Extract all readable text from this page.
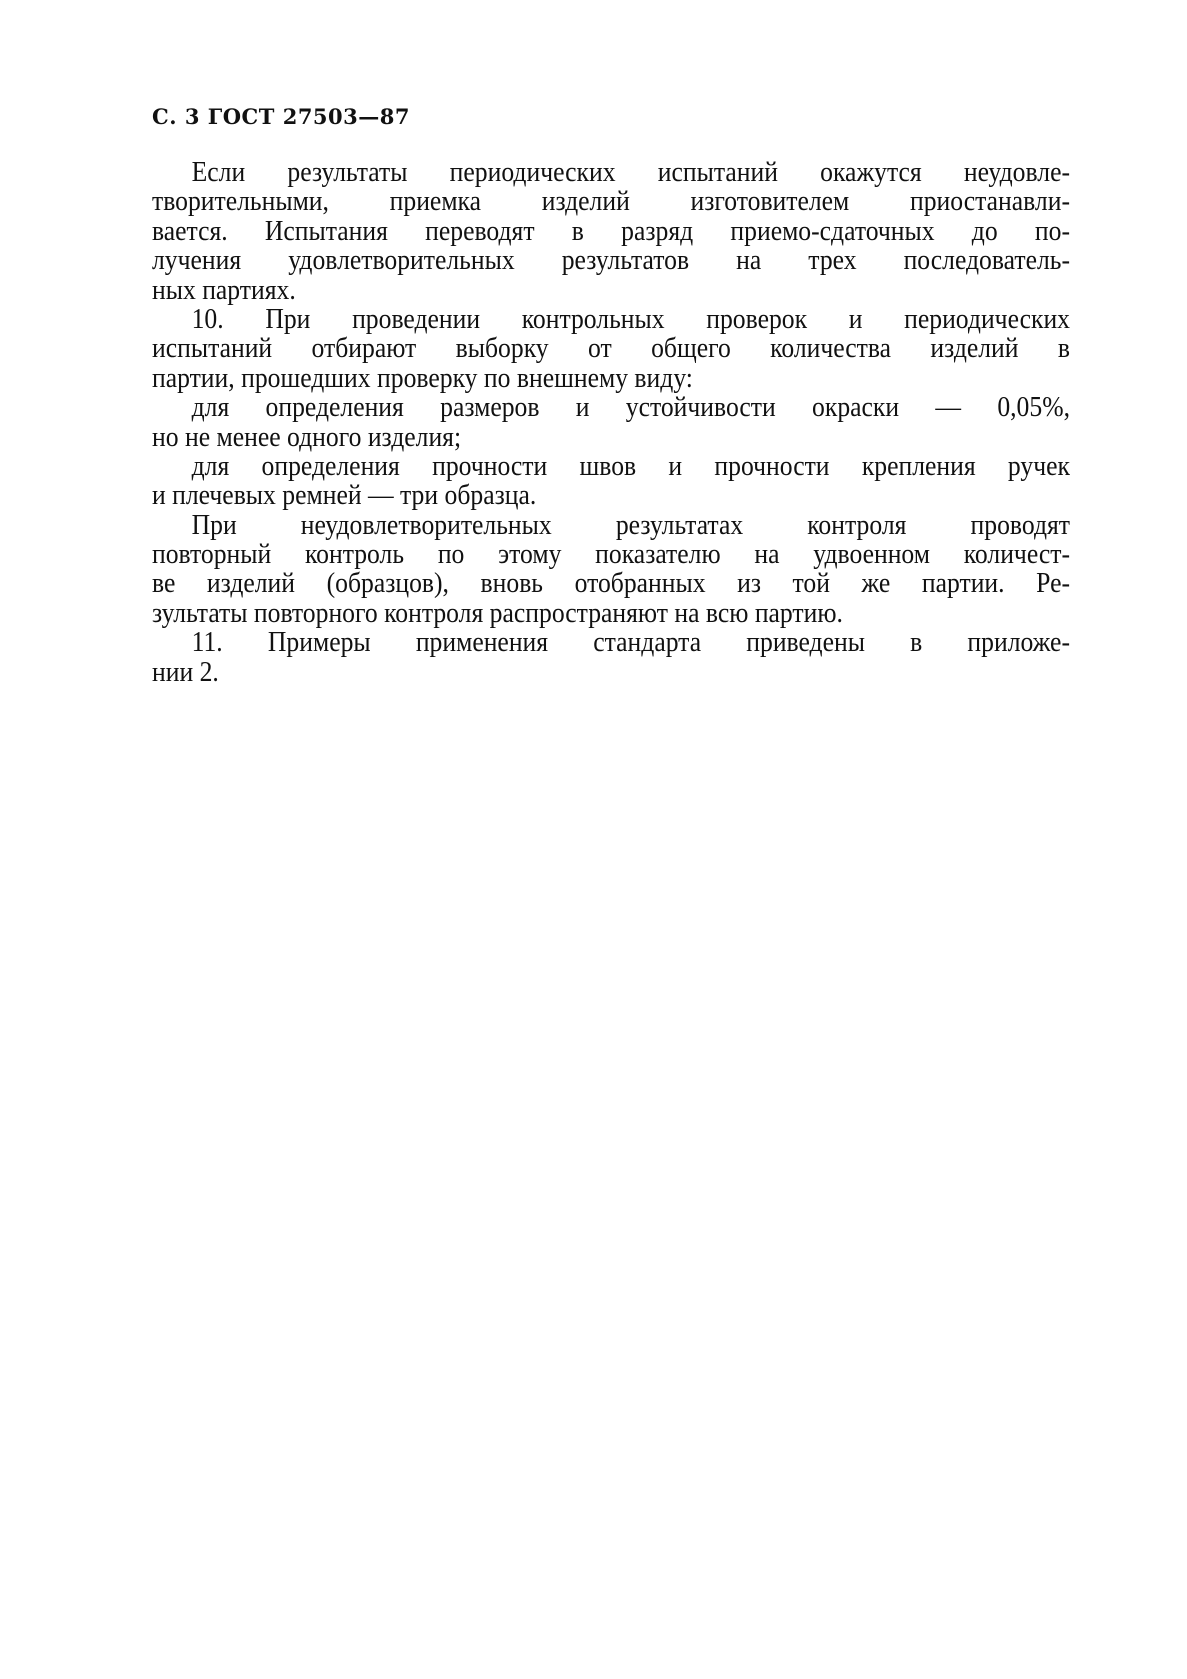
С. 3 ГОСТ 27503—87
Если результаты периодических испытаний окажутся неудовле-
творительными, приемка изделий изготовителем приостанавли-
вается. Испытания переводят в разряд приемо-сдаточных до по-
лучения удовлетворительных результатов на трех последователь-
ных партиях.
10. При проведении контрольных проверок и периодических
испытаний отбирают выборку от общего количества изделий в
партии, прошедших проверку по внешнему виду:
для определения размеров и устойчивости окраски — 0,05%,
но не менее одного изделия;
для определения прочности швов и прочности крепления ручек
и плечевых ремней — три образца.
При неудовлетворительных результатах контроля проводят
повторный контроль по этому показателю на удвоенном количест-
ве изделий (образцов), вновь отобранных из той же партии. Ре-
зультаты повторного контроля распространяют на всю партию.
11. Примеры применения стандарта приведены в приложе-
нии 2.
